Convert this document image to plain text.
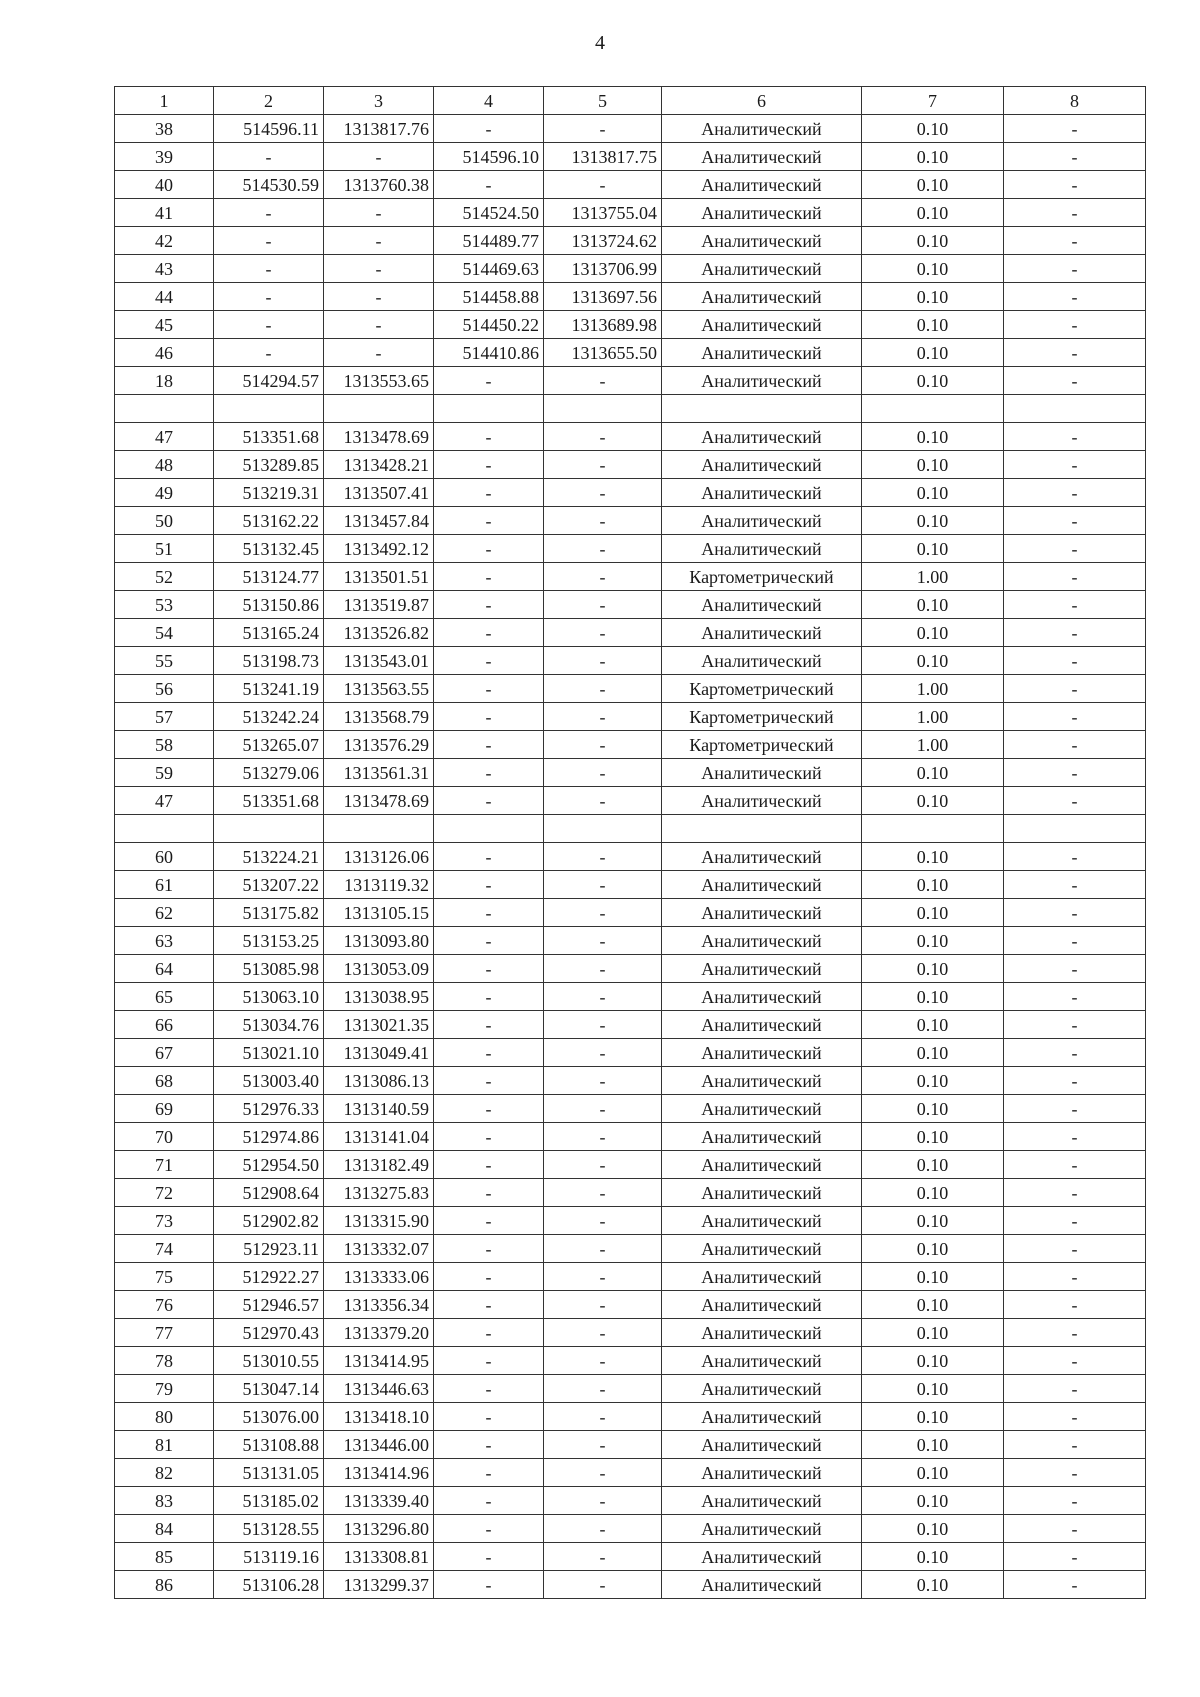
4
1	2	3	4	5	6	7	8
38	514596.11	1313817.76	-	-	Аналитический	0.10	-
39	-	-	514596.10	1313817.75	Аналитический	0.10	-
40	514530.59	1313760.38	-	-	Аналитический	0.10	-
41	-	-	514524.50	1313755.04	Аналитический	0.10	-
42	-	-	514489.77	1313724.62	Аналитический	0.10	-
43	-	-	514469.63	1313706.99	Аналитический	0.10	-
44	-	-	514458.88	1313697.56	Аналитический	0.10	-
45	-	-	514450.22	1313689.98	Аналитический	0.10	-
46	-	-	514410.86	1313655.50	Аналитический	0.10	-
18	514294.57	1313553.65	-	-	Аналитический	0.10	-

47	513351.68	1313478.69	-	-	Аналитический	0.10	-
48	513289.85	1313428.21	-	-	Аналитический	0.10	-
49	513219.31	1313507.41	-	-	Аналитический	0.10	-
50	513162.22	1313457.84	-	-	Аналитический	0.10	-
51	513132.45	1313492.12	-	-	Аналитический	0.10	-
52	513124.77	1313501.51	-	-	Картометрический	1.00	-
53	513150.86	1313519.87	-	-	Аналитический	0.10	-
54	513165.24	1313526.82	-	-	Аналитический	0.10	-
55	513198.73	1313543.01	-	-	Аналитический	0.10	-
56	513241.19	1313563.55	-	-	Картометрический	1.00	-
57	513242.24	1313568.79	-	-	Картометрический	1.00	-
58	513265.07	1313576.29	-	-	Картометрический	1.00	-
59	513279.06	1313561.31	-	-	Аналитический	0.10	-
47	513351.68	1313478.69	-	-	Аналитический	0.10	-

60	513224.21	1313126.06	-	-	Аналитический	0.10	-
61	513207.22	1313119.32	-	-	Аналитический	0.10	-
62	513175.82	1313105.15	-	-	Аналитический	0.10	-
63	513153.25	1313093.80	-	-	Аналитический	0.10	-
64	513085.98	1313053.09	-	-	Аналитический	0.10	-
65	513063.10	1313038.95	-	-	Аналитический	0.10	-
66	513034.76	1313021.35	-	-	Аналитический	0.10	-
67	513021.10	1313049.41	-	-	Аналитический	0.10	-
68	513003.40	1313086.13	-	-	Аналитический	0.10	-
69	512976.33	1313140.59	-	-	Аналитический	0.10	-
70	512974.86	1313141.04	-	-	Аналитический	0.10	-
71	512954.50	1313182.49	-	-	Аналитический	0.10	-
72	512908.64	1313275.83	-	-	Аналитический	0.10	-
73	512902.82	1313315.90	-	-	Аналитический	0.10	-
74	512923.11	1313332.07	-	-	Аналитический	0.10	-
75	512922.27	1313333.06	-	-	Аналитический	0.10	-
76	512946.57	1313356.34	-	-	Аналитический	0.10	-
77	512970.43	1313379.20	-	-	Аналитический	0.10	-
78	513010.55	1313414.95	-	-	Аналитический	0.10	-
79	513047.14	1313446.63	-	-	Аналитический	0.10	-
80	513076.00	1313418.10	-	-	Аналитический	0.10	-
81	513108.88	1313446.00	-	-	Аналитический	0.10	-
82	513131.05	1313414.96	-	-	Аналитический	0.10	-
83	513185.02	1313339.40	-	-	Аналитический	0.10	-
84	513128.55	1313296.80	-	-	Аналитический	0.10	-
85	513119.16	1313308.81	-	-	Аналитический	0.10	-
86	513106.28	1313299.37	-	-	Аналитический	0.10	-
